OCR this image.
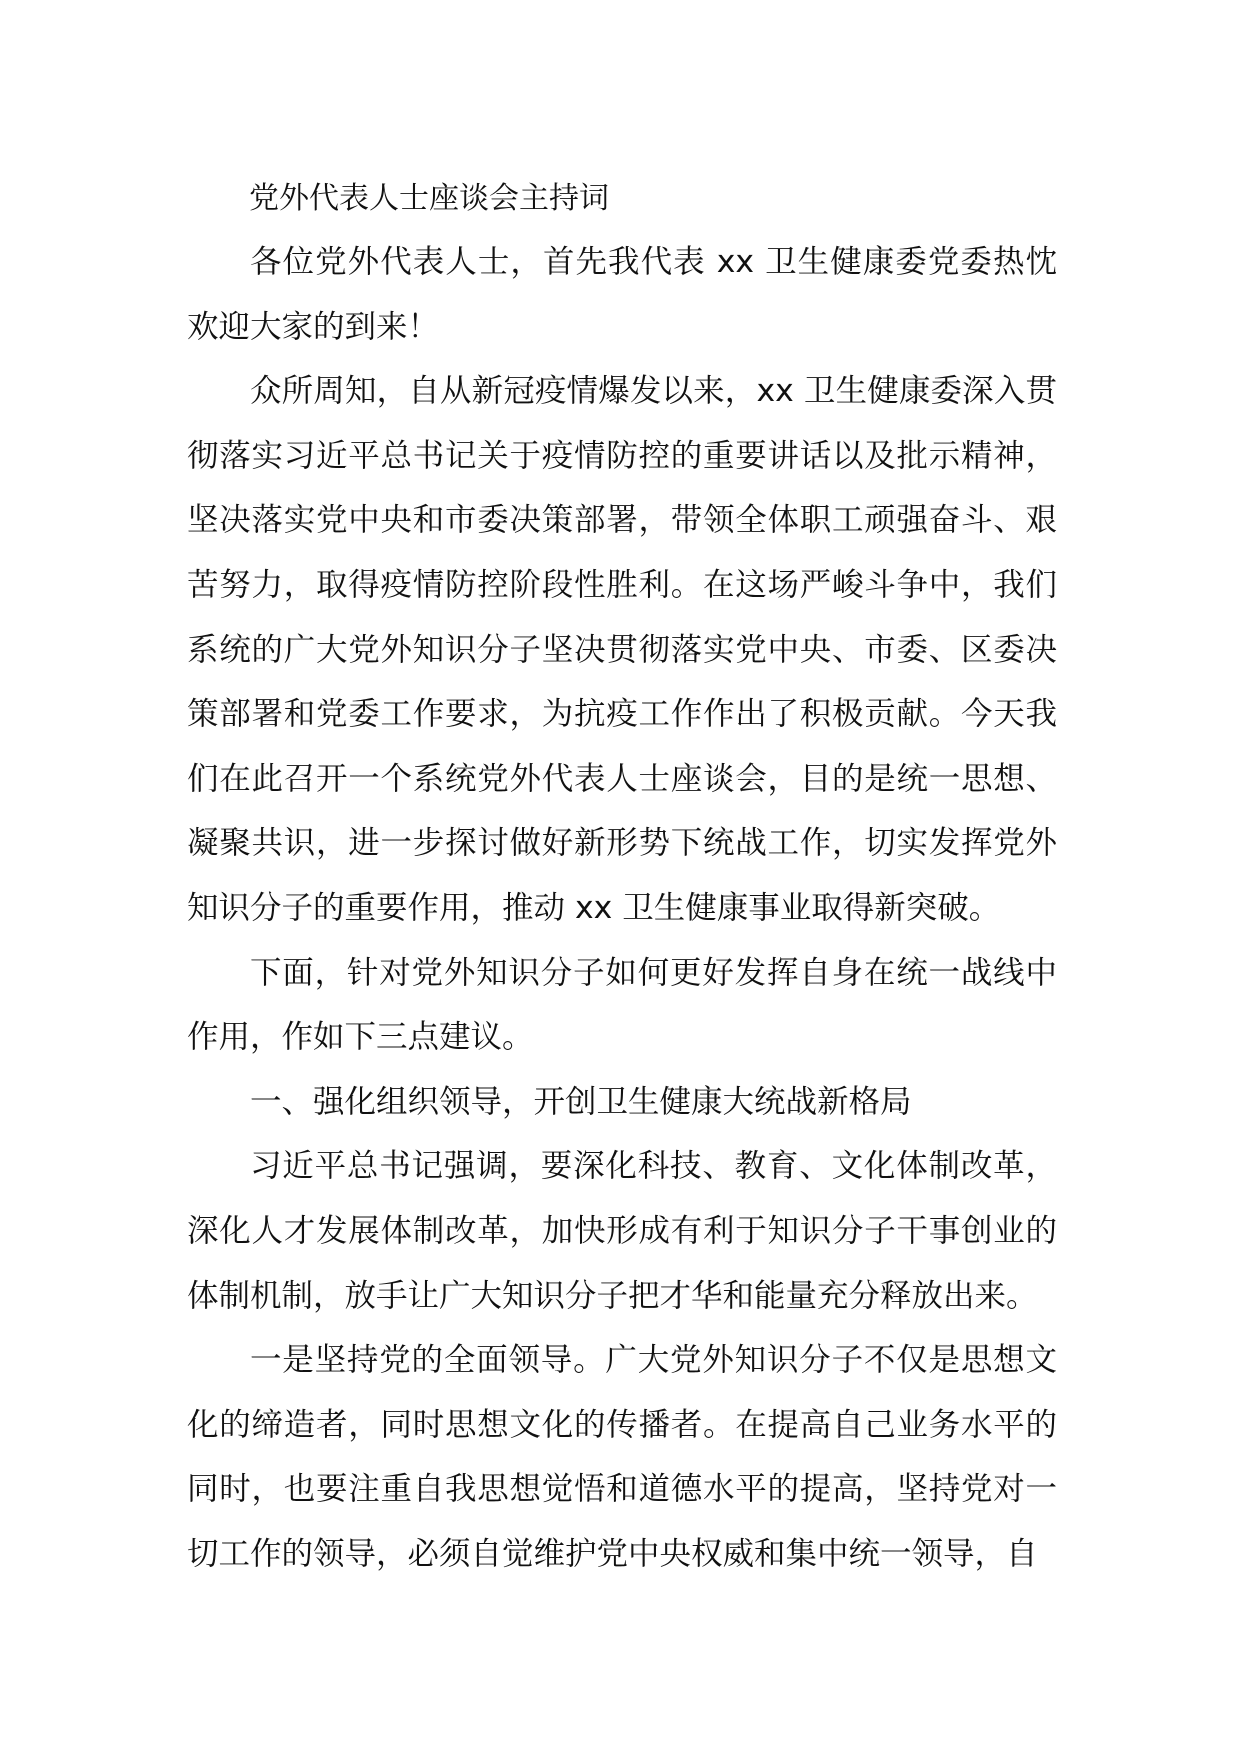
党外代表人士座谈会主持词

各位党外代表人士，首先我代表 xx 卫生健康委党委热忱欢迎大家的到来！

众所周知，自从新冠疫情爆发以来，xx 卫生健康委深入贯彻落实习近平总书记关于疫情防控的重要讲话以及批示精神，坚决落实党中央和市委决策部署，带领全体职工顽强奋斗、艰苦努力，取得疫情防控阶段性胜利。在这场严峻斗争中，我们系统的广大党外知识分子坚决贯彻落实党中央、市委、区委决策部署和党委工作要求，为抗疫工作作出了积极贡献。今天我们在此召开一个系统党外代表人士座谈会，目的是统一思想、凝聚共识，进一步探讨做好新形势下统战工作，切实发挥党外知识分子的重要作用，推动 xx 卫生健康事业取得新突破。

下面，针对党外知识分子如何更好发挥自身在统一战线中作用，作如下三点建议。

一、强化组织领导，开创卫生健康大统战新格局

习近平总书记强调，要深化科技、教育、文化体制改革，深化人才发展体制改革，加快形成有利于知识分子干事创业的体制机制，放手让广大知识分子把才华和能量充分释放出来。

一是坚持党的全面领导。广大党外知识分子不仅是思想文化的缔造者，同时思想文化的传播者。在提高自己业务水平的同时，也要注重自我思想觉悟和道德水平的提高，坚持党对一切工作的领导，必须自觉维护党中央权威和集中统一领导，自
